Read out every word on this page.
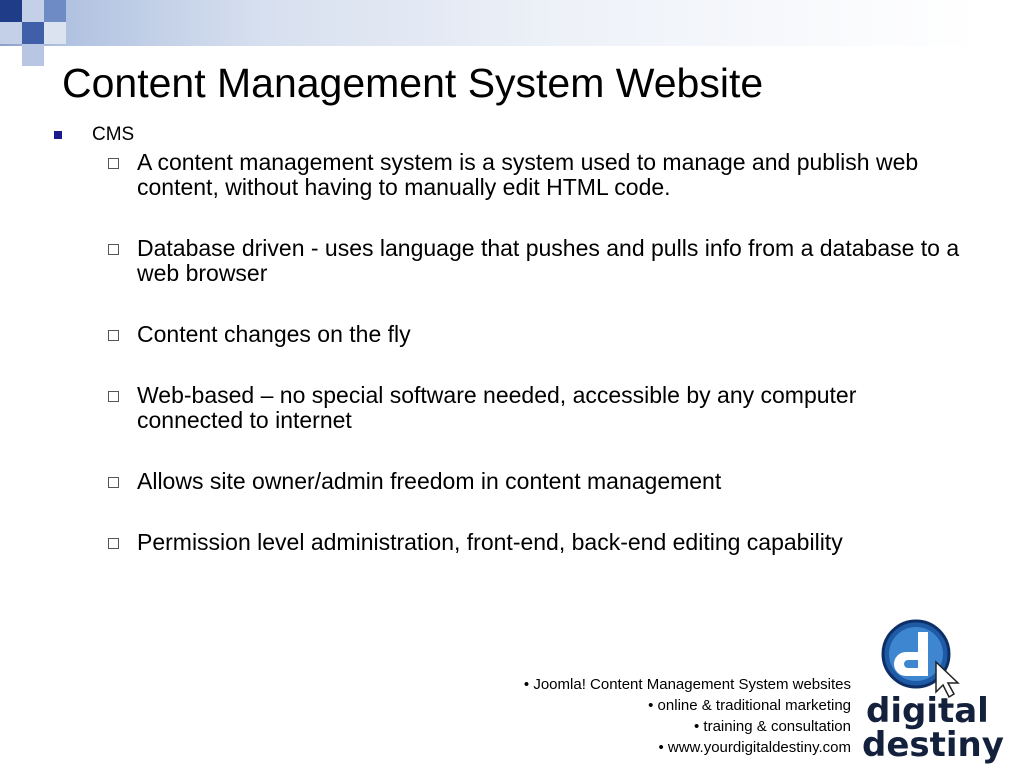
Content Management System Website
CMS
A content management system is a system used to manage and publish web content, without having to manually edit HTML code.
Database driven - uses language that pushes and pulls info from a database to a web browser
Content changes on the fly
Web-based – no special software needed, accessible by any computer connected to internet
Allows site owner/admin freedom in content management
Permission level administration, front-end, back-end editing capability
• Joomla! Content Management System websites
• online & traditional marketing
• training & consultation
• www.yourdigitaldestiny.com
digital
destiny
